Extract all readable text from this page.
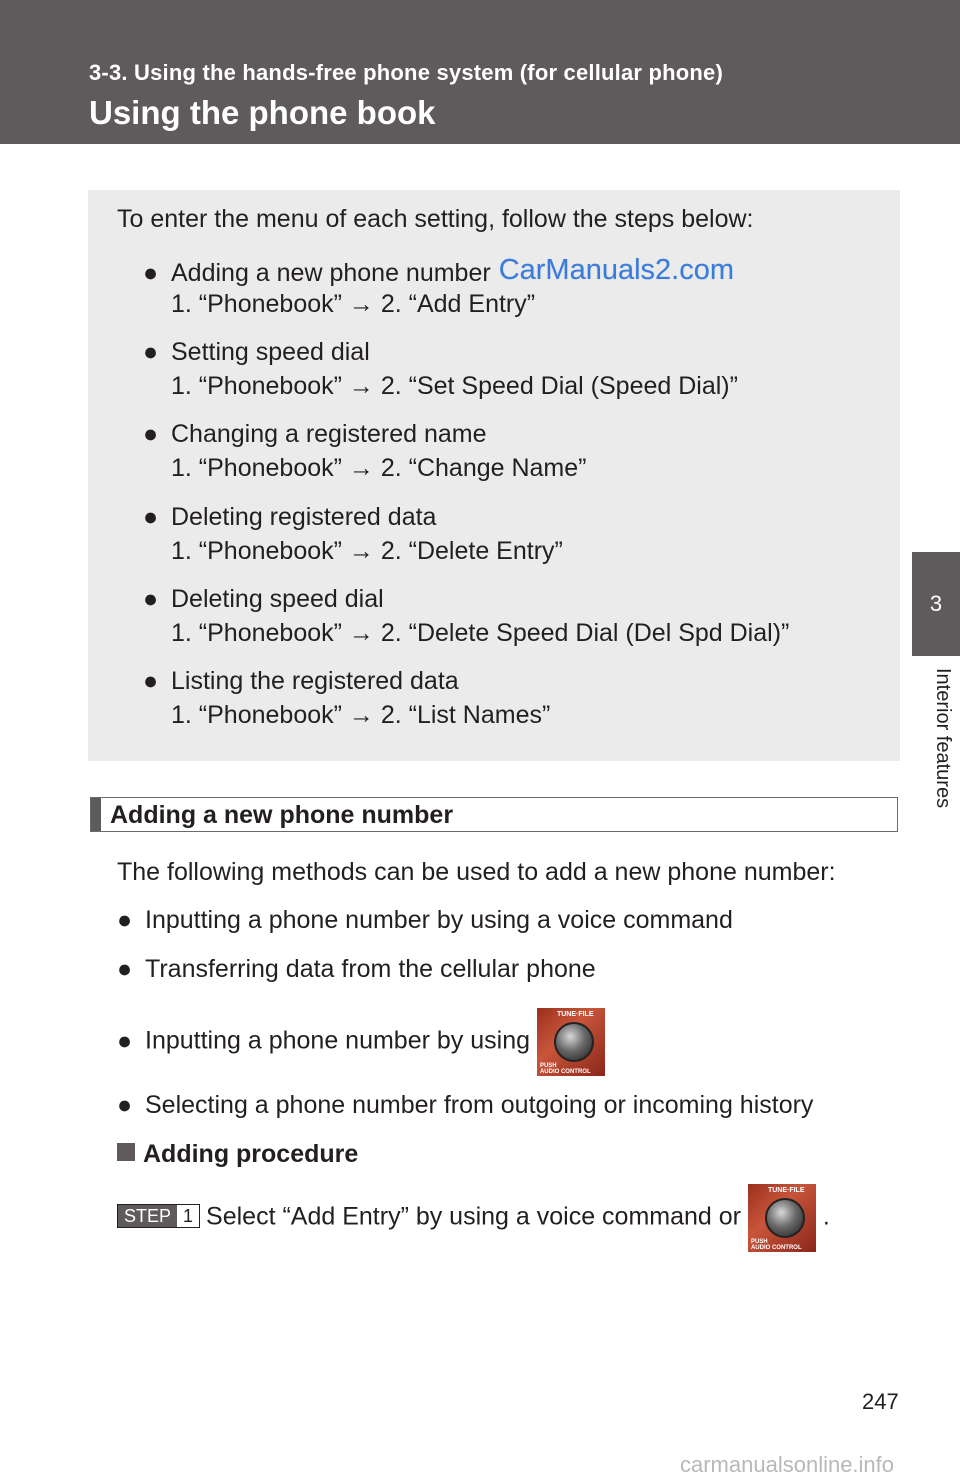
3-3. Using the hands-free phone system (for cellular phone)
Using the phone book
3
Interior features
To enter the menu of each setting, follow the steps below:
● Adding a new phone number CarManuals2.com
1. “Phonebook” → 2. “Add Entry”
● Setting speed dial
1. “Phonebook” → 2. “Set Speed Dial (Speed Dial)”
● Changing a registered name
1. “Phonebook” → 2. “Change Name”
● Deleting registered data
1. “Phonebook” → 2. “Delete Entry”
● Deleting speed dial
1. “Phonebook” → 2. “Delete Speed Dial (Del Spd Dial)”
● Listing the registered data
1. “Phonebook” → 2. “List Names”
Adding a new phone number
The following methods can be used to add a new phone number:
● Inputting a phone number by using a voice command
● Transferring data from the cellular phone
● Inputting a phone number by using
TUNE·FILE
PUSH
AUDIO CONTROL
● Selecting a phone number from outgoing or incoming history
Adding procedure
STEP 1 Select “Add Entry” by using a voice command or
TUNE·FILE
PUSH
AUDIO CONTROL
.
247
carmanualsonline.info
